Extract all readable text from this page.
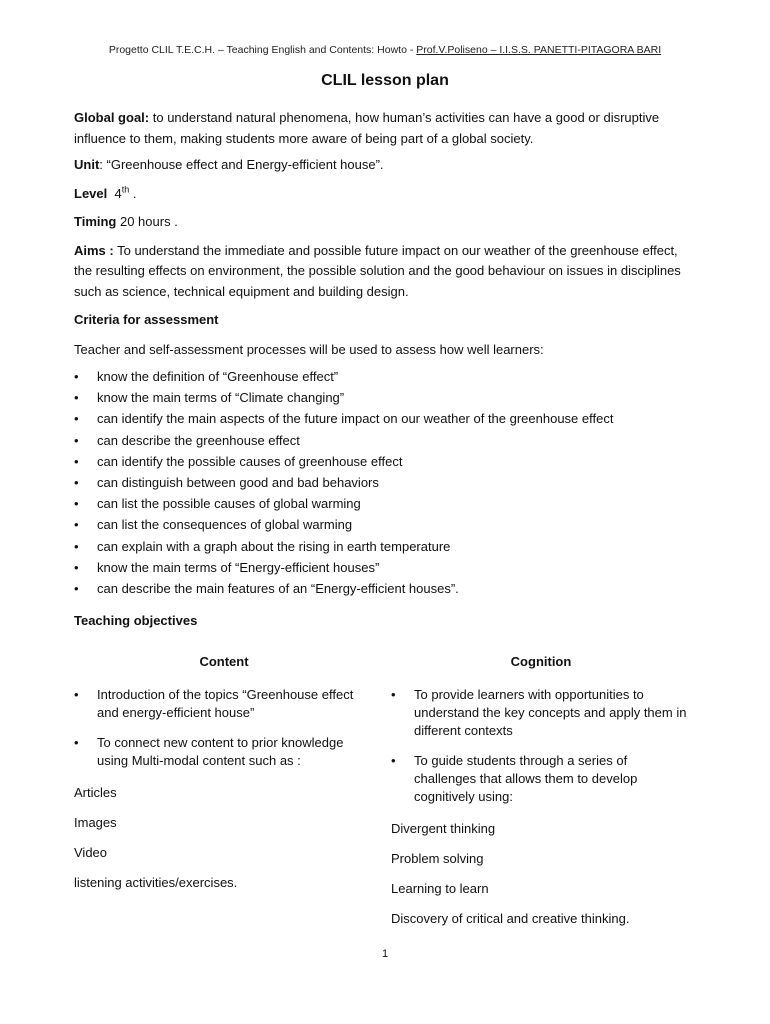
Progetto CLIL T.E.C.H. – Teaching English and Contents: Howto - Prof.V.Poliseno – I.I.S.S. PANETTI-PITAGORA BARI
CLIL lesson plan

Global goal: to understand natural phenomena, how human’s activities can have a good or disruptive influence to them, making students more aware of being part of a global society.

Unit: “Greenhouse effect and Energy-efficient house”.

Level 4th .

Timing 20 hours .

Aims : To understand the immediate and possible future impact on our weather of the greenhouse effect, the resulting effects on environment, the possible solution and the good behaviour on issues in disciplines such as science, technical equipment and building design.

Criteria for assessment

Teacher and self-assessment processes will be used to assess how well learners:

• know the definition of “Greenhouse effect”
• know the main terms of “Climate changing”
• can identify the main aspects of the future impact on our weather of the greenhouse effect
• can describe the greenhouse effect
• can identify the possible causes of greenhouse effect
• can distinguish between good and bad behaviors
• can list the possible causes of global warming
• can list the consequences of global warming
• can explain with a graph about the rising in earth temperature
• know the main terms of “Energy-efficient houses”
• can describe the main features of an “Energy-efficient houses”.

Teaching objectives

Content
• Introduction of the topics “Greenhouse effect and energy-efficient house”
• To connect new content to prior knowledge using Multi-modal content such as :

Articles

Images

Video

listening activities/exercises.

Cognition
• To provide learners with opportunities to understand the key concepts and apply them in different contexts
• To guide students through a series of challenges that allows them to develop cognitively using:

Divergent thinking

Problem solving

Learning to learn

Discovery of critical and creative thinking.

1
